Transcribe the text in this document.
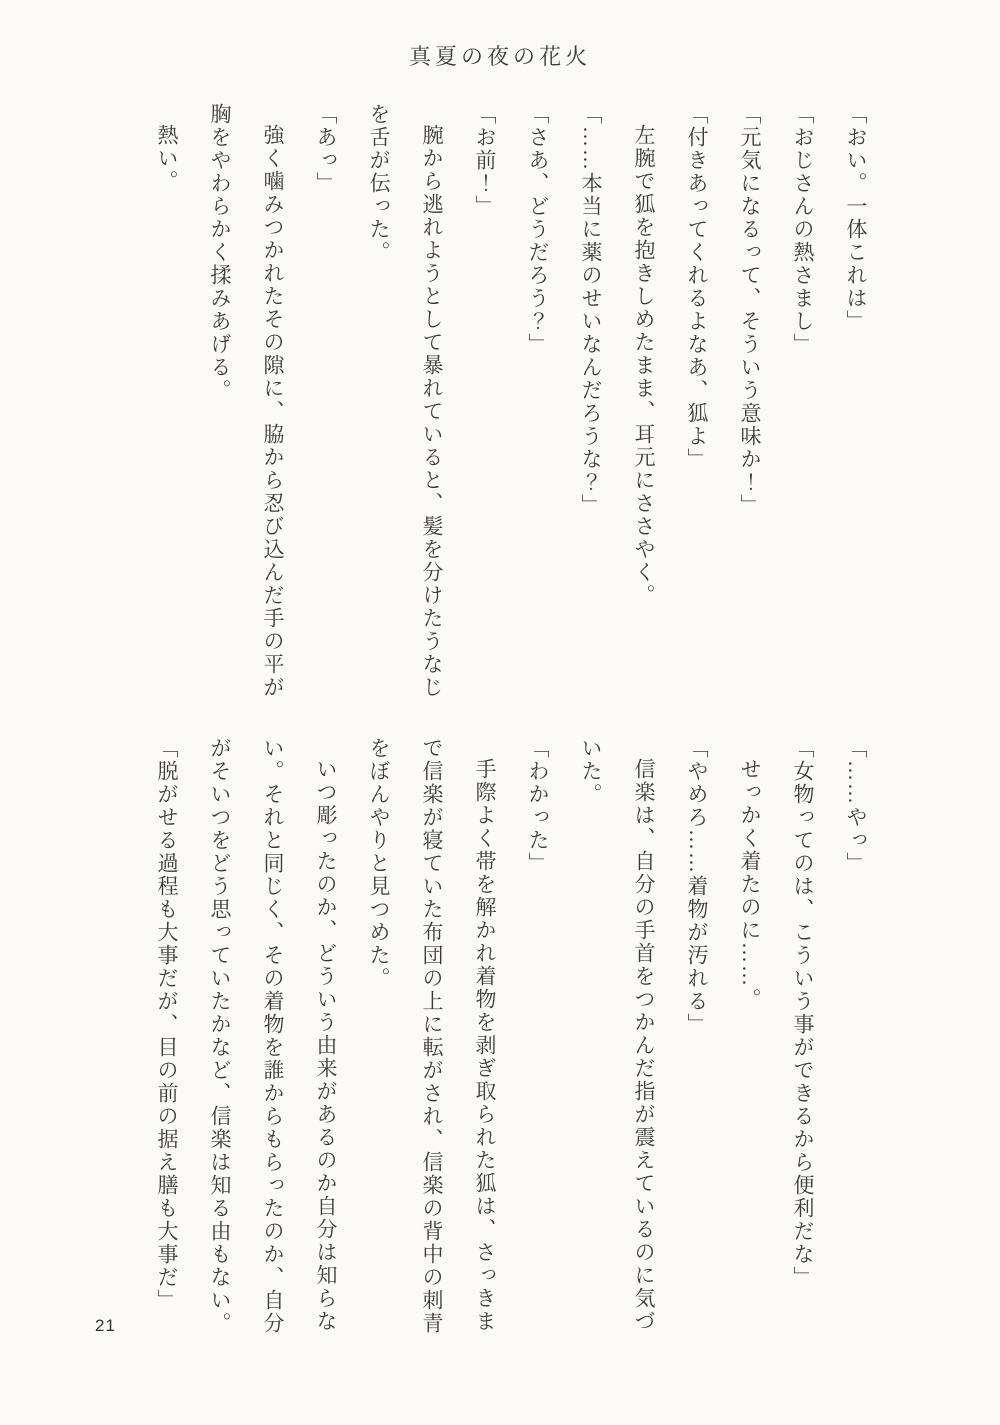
真夏の夜の花火

「おい。一体これは」

「おじさんの熱さまし」

「元気になるって、そういう意味か！」

「付きあってくれるよなあ、狐よ」

左腕で狐を抱きしめたまま、耳元にささやく。

「……本当に薬のせいなんだろうな？」

「さあ、どうだろう？」

「お前！」

腕から逃れようとして暴れていると、髪を分けたうなじを舌が伝った。

「あっ」

強く噛みつかれたその隙に、脇から忍び込んだ手の平が胸をやわらかく揉みあげる。

熱い。

「……やっ」

「女物ってのは、こういう事ができるから便利だな」

せっかく着たのに……。

「やめろ……着物が汚れる」

信楽は、自分の手首をつかんだ指が震えているのに気づいた。

「わかった」

手際よく帯を解かれ着物を剥ぎ取られた狐は、さっきまで信楽が寝ていた布団の上に転がされ、信楽の背中の刺青をぼんやりと見つめた。

いつ彫ったのか、どういう由来があるのか自分は知らない。それと同じく、その着物を誰からもらったのか、自分がそいつをどう思っていたかなど、信楽は知る由もない。

「脱がせる過程も大事だが、目の前の据え膳も大事だ」

21
